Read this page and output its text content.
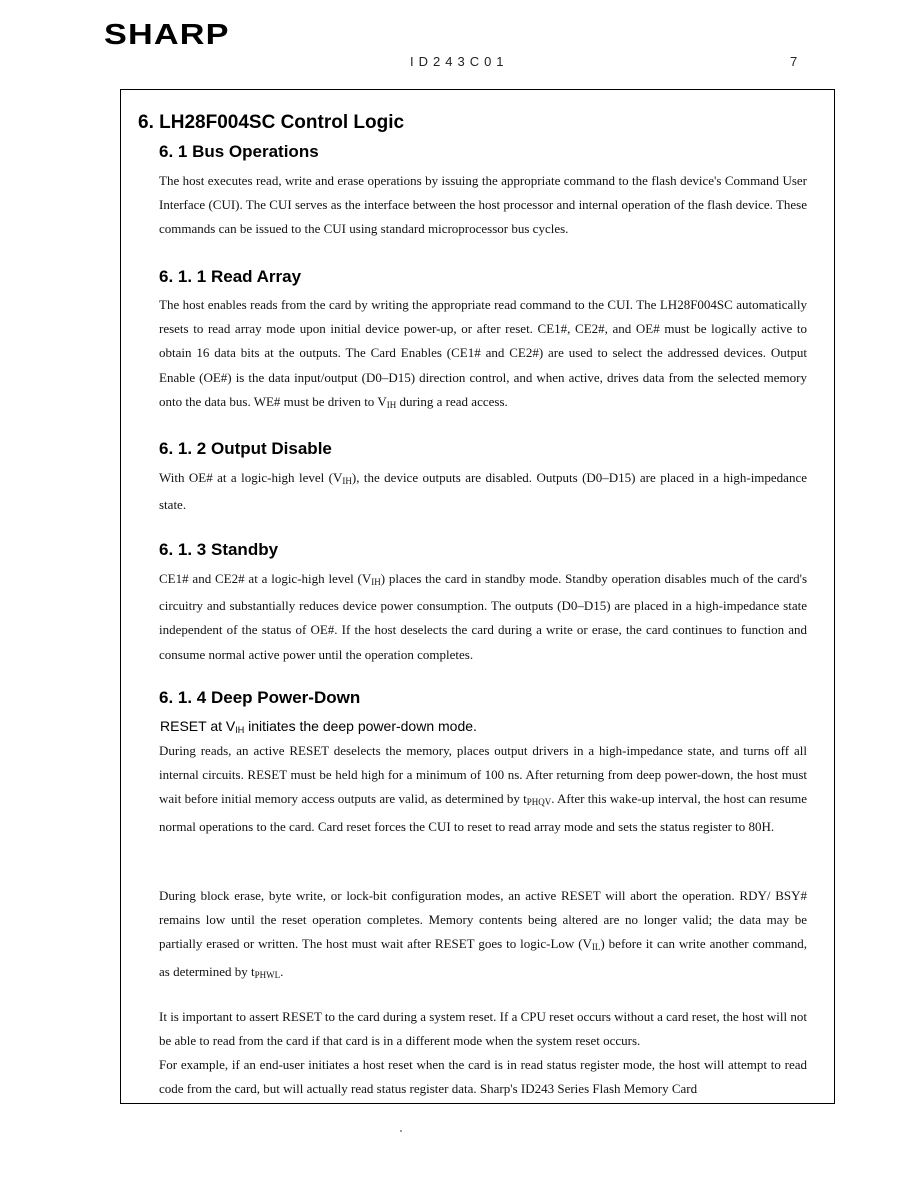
SHARP
ID243C01	7
6. LH28F004SC Control Logic
6. 1 Bus Operations
The host executes read, write and erase operations by issuing the appropriate command to the flash device's Command User Interface (CUI). The CUI serves as the interface between the host processor and internal operation of the flash device. These commands can be issued to the CUI using standard microprocessor bus cycles.
6. 1. 1 Read Array
The host enables reads from the card by writing the appropriate read command to the CUI. The LH28F004SC automatically resets to read array mode upon initial device power-up, or after reset. CE1#, CE2#, and OE# must be logically active to obtain 16 data bits at the outputs. The Card Enables (CE1# and CE2#) are used to select the addressed devices. Output Enable (OE#) is the data input/output (D0–D15) direction control, and when active, drives data from the selected memory onto the data bus. WE# must be driven to $V_{IH}$ during a read access.
6. 1. 2 Output Disable
With OE# at a logic-high level $(V_{IH})$, the device outputs are disabled. Outputs (D0–D15) are placed in a high-impedance state.
6. 1. 3 Standby
CE1# and CE2# at a logic-high level $(V_{IH})$ places the card in standby mode. Standby operation disables much of the card's circuitry and substantially reduces device power consumption. The outputs (D0–D15) are placed in a high-impedance state independent of the status of OE#. If the host deselects the card during a write or erase, the card continues to function and consume normal active power until the operation completes.
6. 1. 4 Deep Power-Down
RESET at VIH initiates the deep power-down mode.
During reads, an active RESET deselects the memory, places output drivers in a high-impedance state, and turns off all internal circuits. RESET must be held high for a minimum of 100 ns. After returning from deep power-down, the host must wait before initial memory access outputs are valid, as determined by $t_{PHQV}$. After this wake-up interval, the host can resume normal operations to the card. Card reset forces the CUI to reset to read array mode and sets the status register to 80H.
During block erase, byte write, or lock-bit configuration modes, an active RESET will abort the operation. RDY/ BSY# remains low until the reset operation completes. Memory contents being altered are no longer valid; the data may be partially erased or written. The host must wait after RESET goes to logic-Low $(V_{IL})$ before it can write another command, as determined by $t_{PHWL}$.
It is important to assert RESET to the card during a system reset. If a CPU reset occurs without a card reset, the host will not be able to read from the card if that card is in a different mode when the system reset occurs.
For example, if an end-user initiates a host reset when the card is in read status register mode, the host will attempt to read code from the card, but will actually read status register data. Sharp's ID243 Series Flash Memory Card
